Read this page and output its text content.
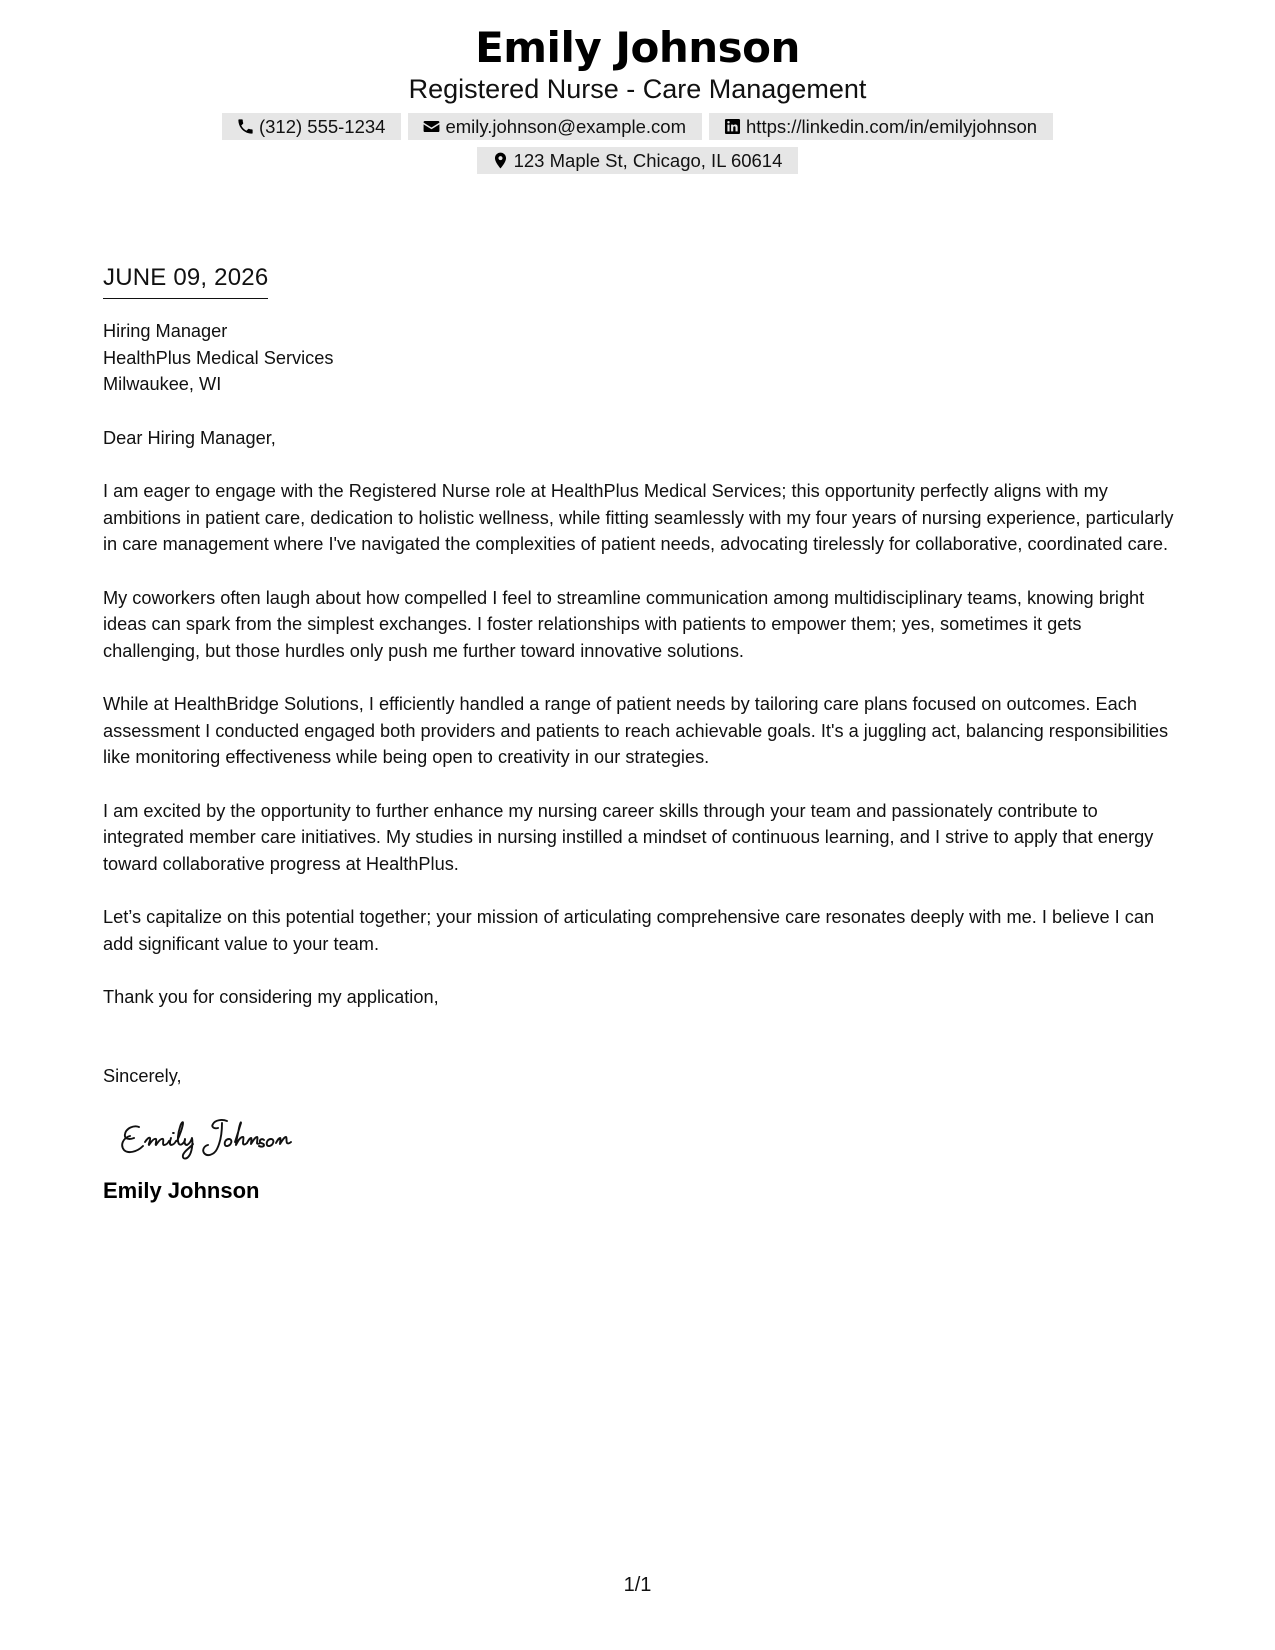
Emily Johnson
Registered Nurse - Care Management
(312) 555-1234	emily.johnson@example.com	https://linkedin.com/in/emilyjohnson
123 Maple St, Chicago, IL 60614
JUNE 09, 2026
Hiring Manager
HealthPlus Medical Services
Milwaukee, WI
Dear Hiring Manager,
I am eager to engage with the Registered Nurse role at HealthPlus Medical Services; this opportunity perfectly aligns with my ambitions in patient care, dedication to holistic wellness, while fitting seamlessly with my four years of nursing experience, particularly in care management where I've navigated the complexities of patient needs, advocating tirelessly for collaborative, coordinated care.
My coworkers often laugh about how compelled I feel to streamline communication among multidisciplinary teams, knowing bright ideas can spark from the simplest exchanges. I foster relationships with patients to empower them; yes, sometimes it gets challenging, but those hurdles only push me further toward innovative solutions.
While at HealthBridge Solutions, I efficiently handled a range of patient needs by tailoring care plans focused on outcomes. Each assessment I conducted engaged both providers and patients to reach achievable goals. It's a juggling act, balancing responsibilities like monitoring effectiveness while being open to creativity in our strategies.
I am excited by the opportunity to further enhance my nursing career skills through your team and passionately contribute to integrated member care initiatives. My studies in nursing instilled a mindset of continuous learning, and I strive to apply that energy toward collaborative progress at HealthPlus.
Let’s capitalize on this potential together; your mission of articulating comprehensive care resonates deeply with me. I believe I can add significant value to your team.
Thank you for considering my application,
Sincerely,
Emily Johnson
1/1
